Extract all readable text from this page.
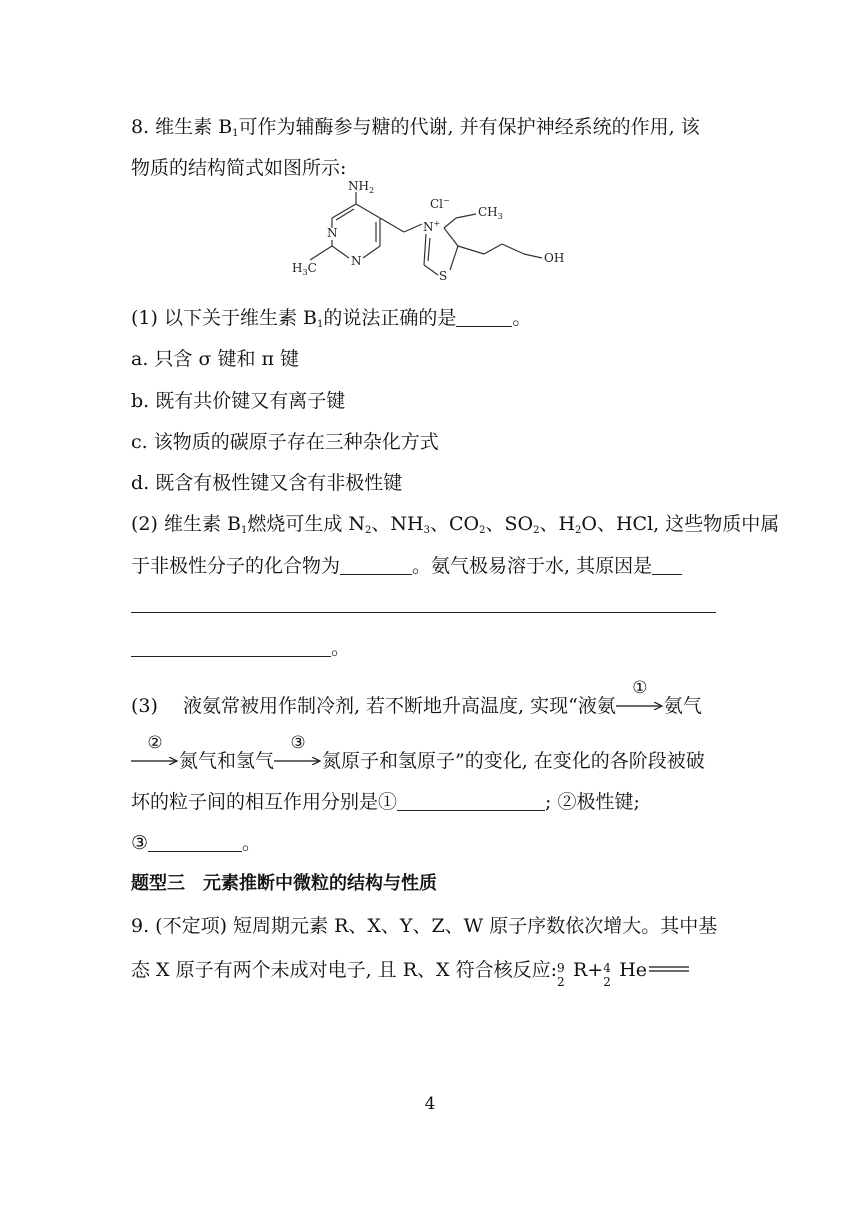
8. 维生素 $B_1$可作为辅酶参与糖的代谢, 并有保护神经系统的作用, 该
物质的结构简式如图所示:
$NH_2$
N
N
$H_3C$
Cl−
N+
$CH_3$
S
OH
(1) 以下关于维生素 $B_1$的说法正确的是	。
a. 只含 σ 键和 π 键
b. 既有共价键又有离子键
c. 该物质的碳原子存在三种杂化方式
d. 既含有极性键又含有非极性键
(2) 维生素 $B_1$燃烧可生成 $N_2$、$NH_3$、$CO_2$、$SO_2$、$H_2O$、HCl, 这些物质中属
于非极性分子的化合物为	。氨气极易溶于水, 其原因是
。
(3)　 液氨常被用作制冷剂, 若不断地升高温度, 实现“液氨
①
氨气
②
氮气和氢气
③
氮原子和氢原子”的变化, 在变化的各阶段被破
坏的粒子间的相互作用分别是①	; ②极性键;
③	。
题型三　元素推断中微粒的结构与性质
9. (不定项) 短周期元素 R、X、Y、Z、W 原子序数依次增大。其中基
态 X 原子有两个未成对电子, 且 R、X 符合核反应: 9
2
R+ 4
2
He
4
